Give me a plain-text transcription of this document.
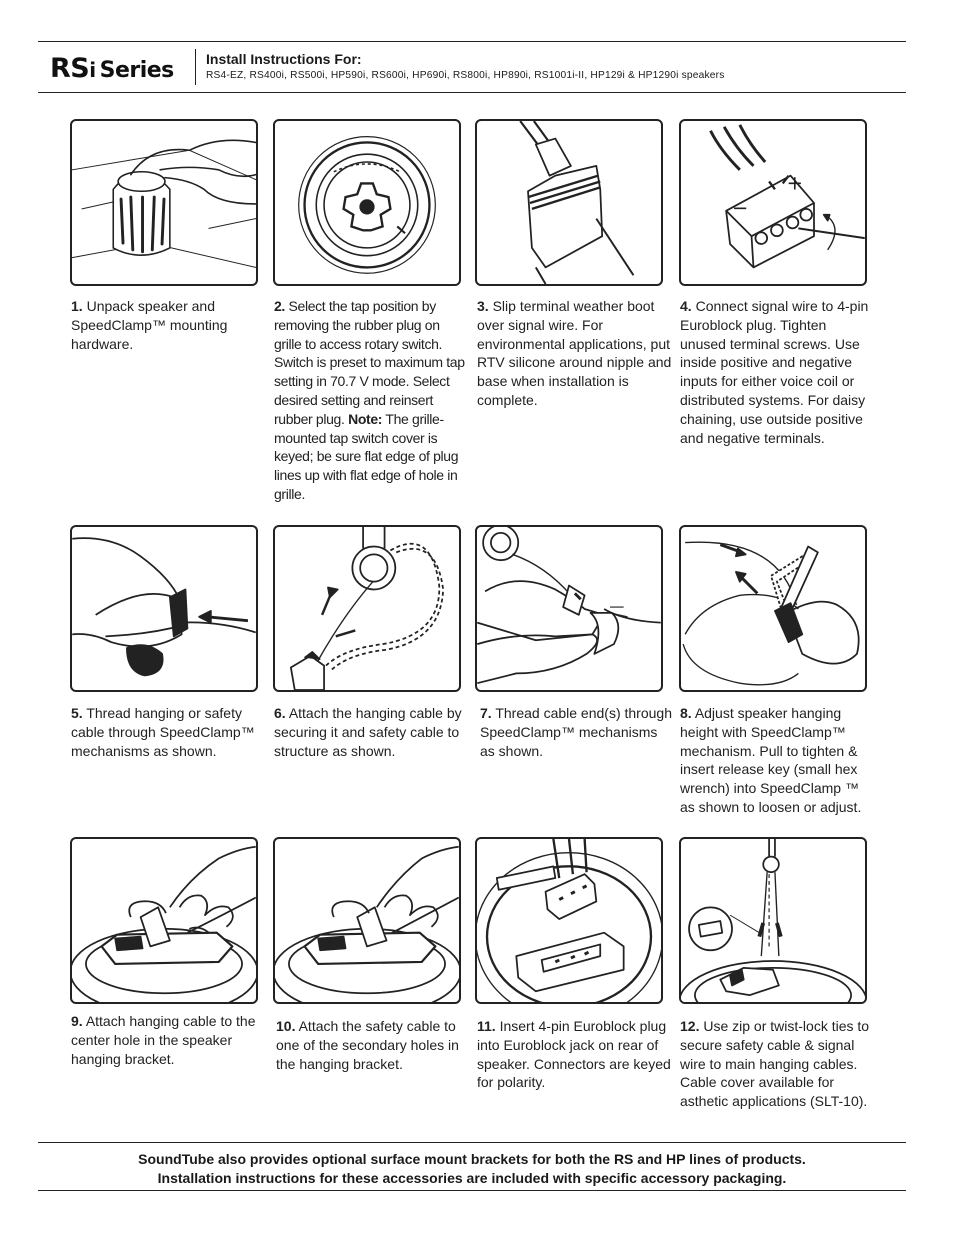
RSi Series Install Instructions For:
RS4-EZ, RS400i, RS500i, HP590i, RS600i, HP690i, RS800i, HP890i, RS1001i-II, HP129i & HP1290i speakers
−
+
1. Unpack speaker and SpeedClamp™ mounting hardware.
2. Select the tap position by removing the rubber plug on grille to access rotary switch. Switch is preset to maximum tap setting in 70.7 V mode. Select desired setting and reinsert rubber plug. Note: The grille-mounted tap switch cover is keyed; be sure flat edge of plug lines up with flat edge of hole in grille.
3. Slip terminal weather boot over signal wire. For environmental applications, put RTV silicone around nipple and base when installation is complete.
4. Connect signal wire to 4-pin Euroblock plug. Tighten unused terminal screws. Use inside positive and negative inputs for either voice coil or distributed systems. For daisy chaining, use outside positive and negative terminals.
5. Thread hanging or safety cable through SpeedClamp™ mechanisms as shown.
6. Attach the hanging cable by securing it and safety cable to structure as shown.
7. Thread cable end(s) through SpeedClamp™ mechanisms as shown.
8. Adjust speaker hanging height with SpeedClamp™ mechanism. Pull to tighten & insert release key (small hex wrench) into SpeedClamp ™ as shown to loosen or adjust.
9. Attach hanging cable to the center hole in the speaker hanging bracket.
10. Attach the safety cable to one of the secondary holes in the hanging bracket.
11. Insert 4-pin Euroblock plug into Euroblock jack on rear of speaker. Connectors are keyed for polarity.
12. Use zip or twist-lock ties to secure safety cable & signal wire to main hanging cables. Cable cover available for asthetic applications (SLT-10).
SoundTube also provides optional surface mount brackets for both the RS and HP lines of products.
Installation instructions for these accessories are included with specific accessory packaging.
